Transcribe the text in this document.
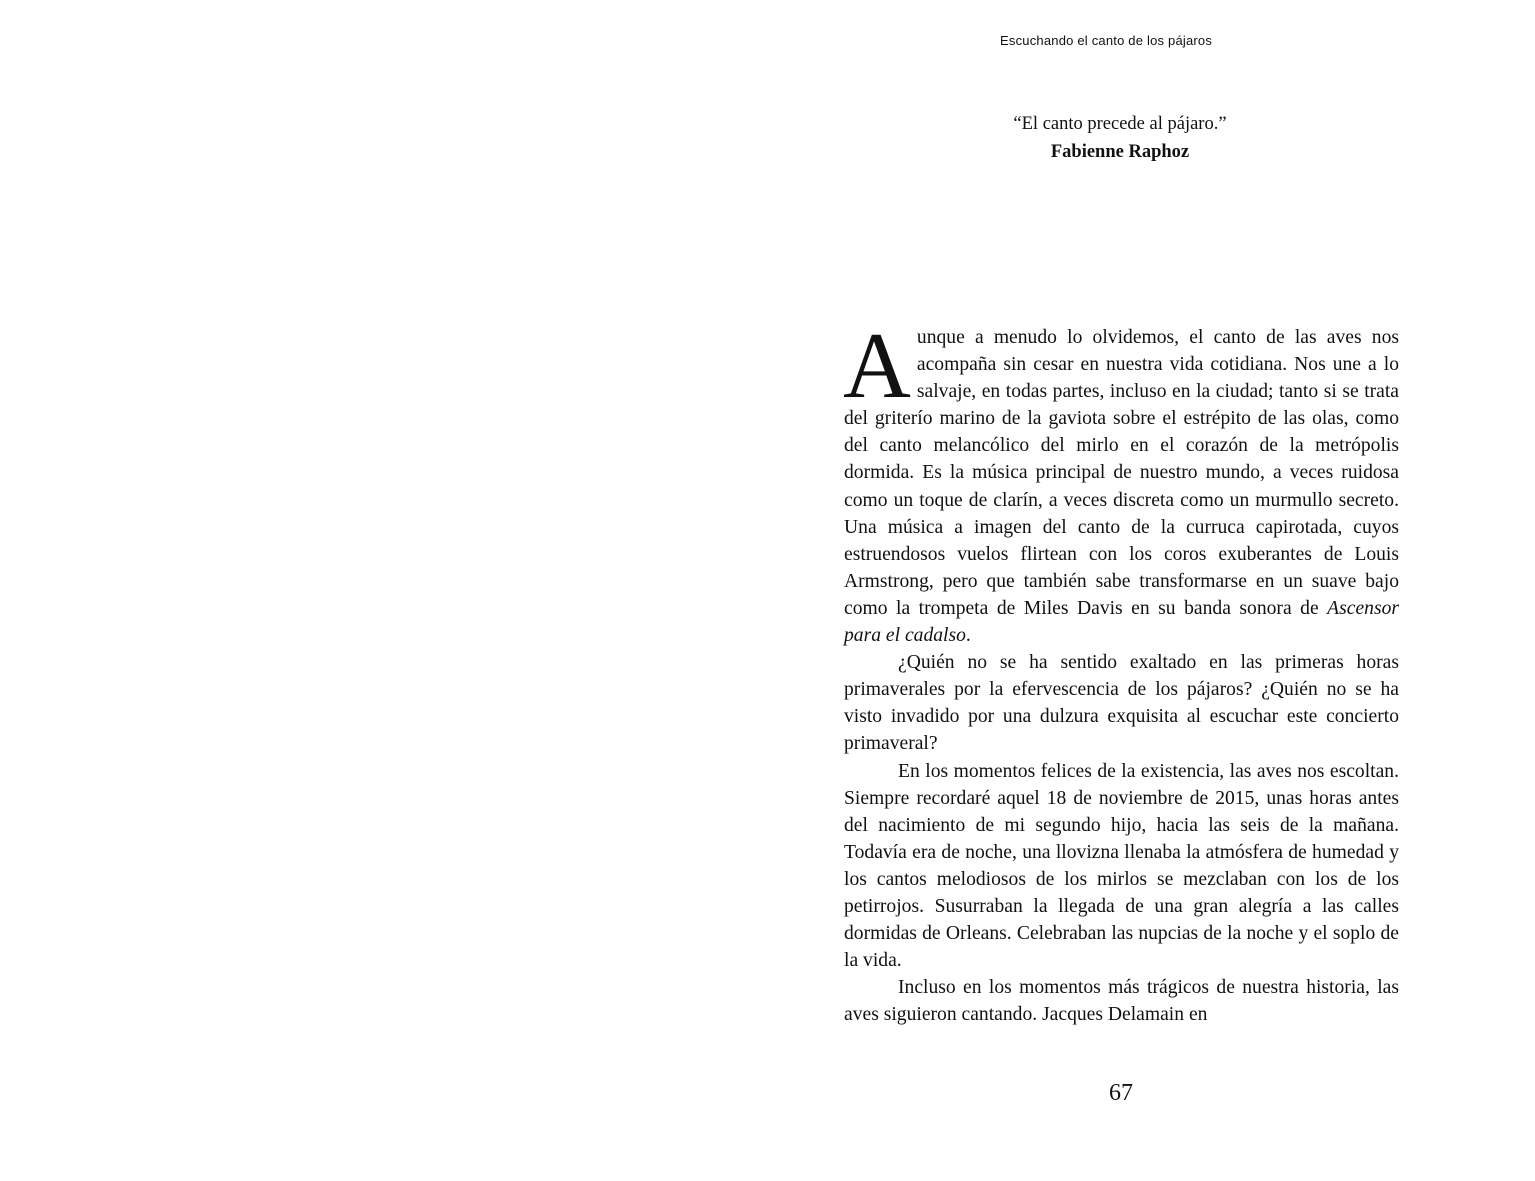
Escuchando el canto de los pájaros
“El canto precede al pájaro.”
Fabienne Raphoz

Aunque a menudo lo olvidemos, el canto de las aves nos acompaña sin cesar en nuestra vida cotidiana. Nos une a lo salvaje, en todas partes, incluso en la ciudad; tanto si se trata del griterío marino de la gaviota sobre el estrépito de las olas, como del canto melancólico del mirlo en el corazón de la metrópolis dormida. Es la música principal de nuestro mundo, a veces ruidosa como un toque de clarín, a veces discreta como un murmullo secreto. Una música a imagen del canto de la curruca capirotada, cuyos estruendosos vuelos flirtean con los coros exuberantes de Louis Armstrong, pero que también sabe transformarse en un suave bajo como la trompeta de Miles Davis en su banda sonora de Ascensor para el cadalso.

¿Quién no se ha sentido exaltado en las primeras horas primaverales por la efervescencia de los pájaros? ¿Quién no se ha visto invadido por una dulzura exquisita al escuchar este concierto primaveral?

En los momentos felices de la existencia, las aves nos escoltan. Siempre recordaré aquel 18 de noviembre de 2015, unas horas antes del nacimiento de mi segundo hijo, hacia las seis de la mañana. Todavía era de noche, una llovizna llenaba la atmósfera de humedad y los cantos melodiosos de los mirlos se mezclaban con los de los petirrojos. Susurraban la llegada de una gran alegría a las calles dormidas de Orleans. Celebraban las nupcias de la noche y el soplo de la vida.

Incluso en los momentos más trágicos de nuestra historia, las aves siguieron cantando. Jacques Delamain en

67
